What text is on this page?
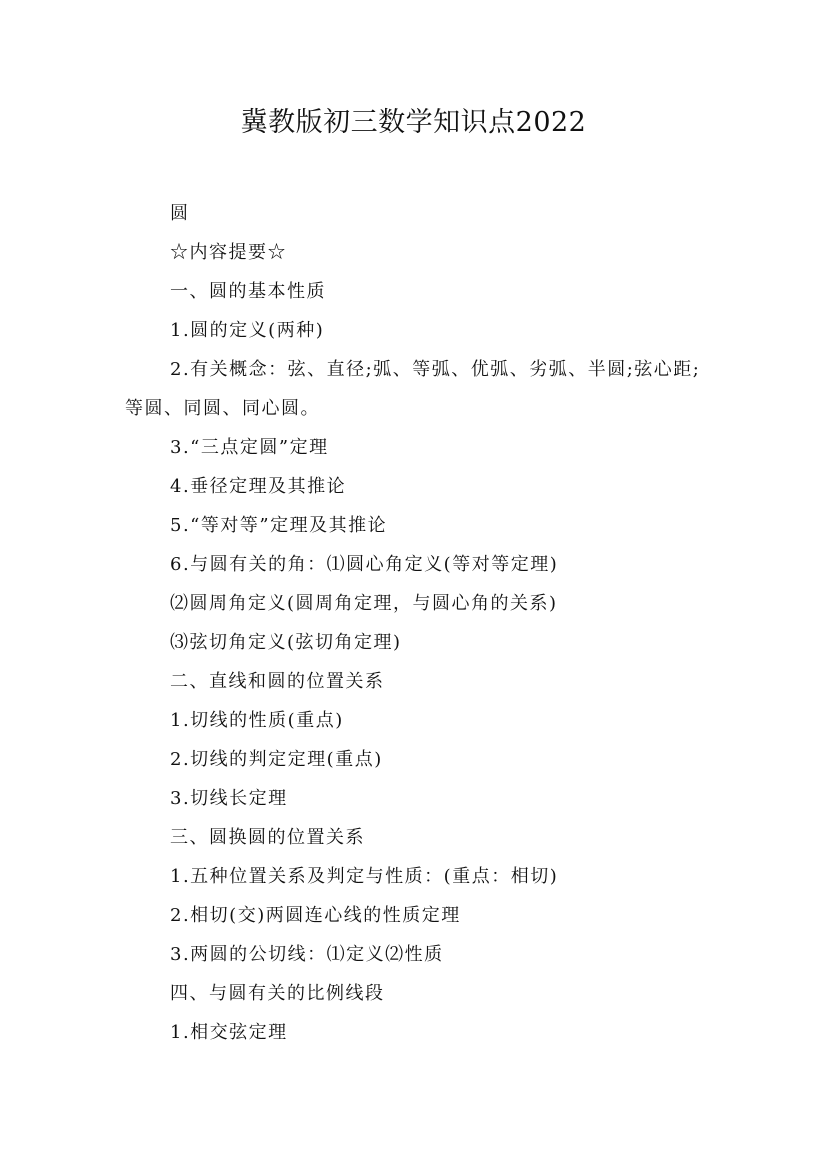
冀教版初三数学知识点2022

圆

☆内容提要☆

一、圆的基本性质

1.圆的定义(两种)

2.有关概念：弦、直径;弧、等弧、优弧、劣弧、半圆;弦心距;等圆、同圆、同心圆。

3.“三点定圆”定理

4.垂径定理及其推论

5.“等对等”定理及其推论

6.与圆有关的角：⑴圆心角定义(等对等定理)

⑵圆周角定义(圆周角定理，与圆心角的关系)

⑶弦切角定义(弦切角定理)

二、直线和圆的位置关系

1.切线的性质(重点)

2.切线的判定定理(重点)

3.切线长定理

三、圆换圆的位置关系

1.五种位置关系及判定与性质：(重点：相切)

2.相切(交)两圆连心线的性质定理

3.两圆的公切线：⑴定义⑵性质

四、与圆有关的比例线段

1.相交弦定理
